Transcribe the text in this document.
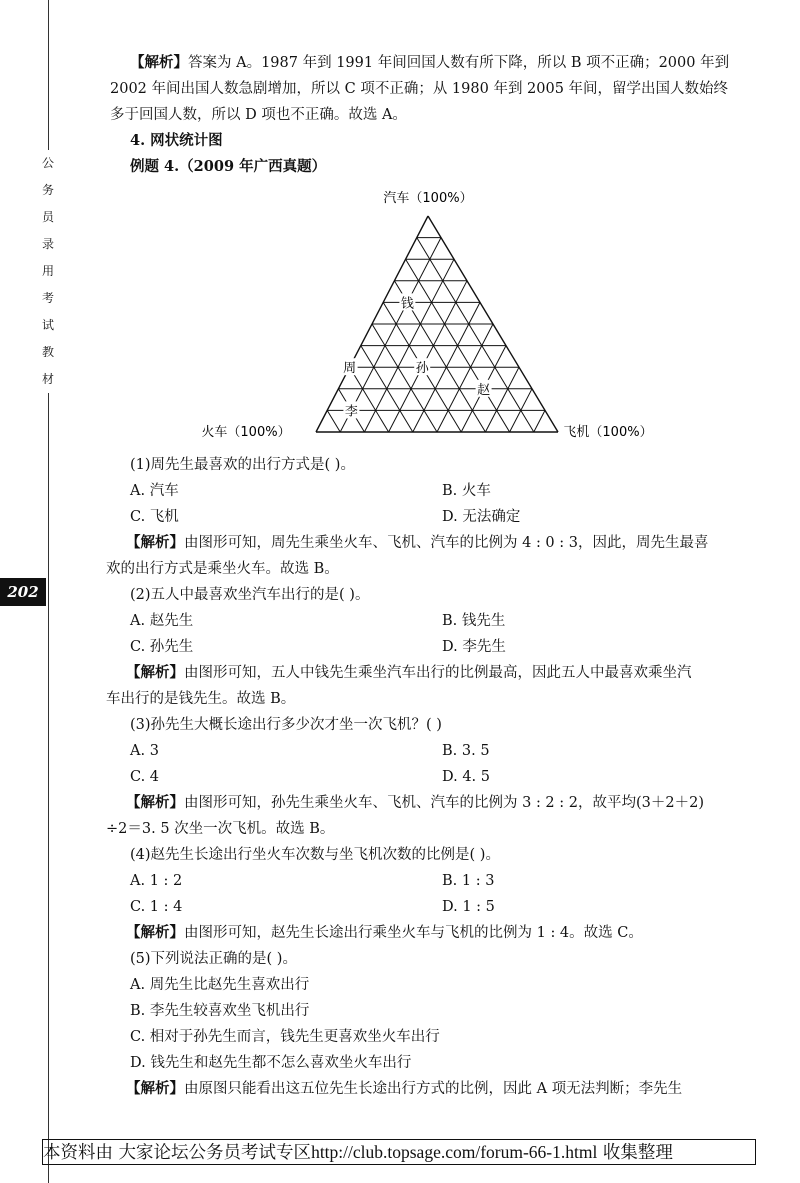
公
务
员
录
用
考
试
教
材
202
【解析】答案为 A。1987 年到 1991 年间回国人数有所下降，所以 B 项不正确；2000 年到
2002 年间出国人数急剧增加，所以 C 项不正确；从 1980 年到 2005 年间，留学出国人数始终
多于回国人数，所以 D 项也不正确。故选 A。
4. 网状统计图
例题 4.（2009 年广西真题）
汽车（100%）
火车（100%）	飞机（100%）
钱
周	孙
赵
李
(1)周先生最喜欢的出行方式是( )。
A. 汽车	B. 火车
C. 飞机	D. 无法确定
【解析】由图形可知，周先生乘坐火车、飞机、汽车的比例为 4 : 0 : 3，因此，周先生最喜
欢的出行方式是乘坐火车。故选 B。
(2)五人中最喜欢坐汽车出行的是( )。
A. 赵先生	B. 钱先生
C. 孙先生	D. 李先生
【解析】由图形可知，五人中钱先生乘坐汽车出行的比例最高，因此五人中最喜欢乘坐汽
车出行的是钱先生。故选 B。
(3)孙先生大概长途出行多少次才坐一次飞机？( )
A. 3	B. 3. 5
C. 4	D. 4. 5
【解析】由图形可知，孙先生乘坐火车、飞机、汽车的比例为 3 : 2 : 2，故平均(3＋2＋2)
÷2＝3. 5 次坐一次飞机。故选 B。
(4)赵先生长途出行坐火车次数与坐飞机次数的比例是( )。
A. 1 : 2	B. 1 : 3
C. 1 : 4	D. 1 : 5
【解析】由图形可知，赵先生长途出行乘坐火车与飞机的比例为 1 : 4。故选 C。
(5)下列说法正确的是( )。
A. 周先生比赵先生喜欢出行
B. 李先生较喜欢坐飞机出行
C. 相对于孙先生而言，钱先生更喜欢坐火车出行
D. 钱先生和赵先生都不怎么喜欢坐火车出行
【解析】由原图只能看出这五位先生长途出行方式的比例，因此 A 项无法判断；李先生
本资料由 大家论坛公务员考试专区http://club.topsage.com/forum-66-1.html 收集整理
